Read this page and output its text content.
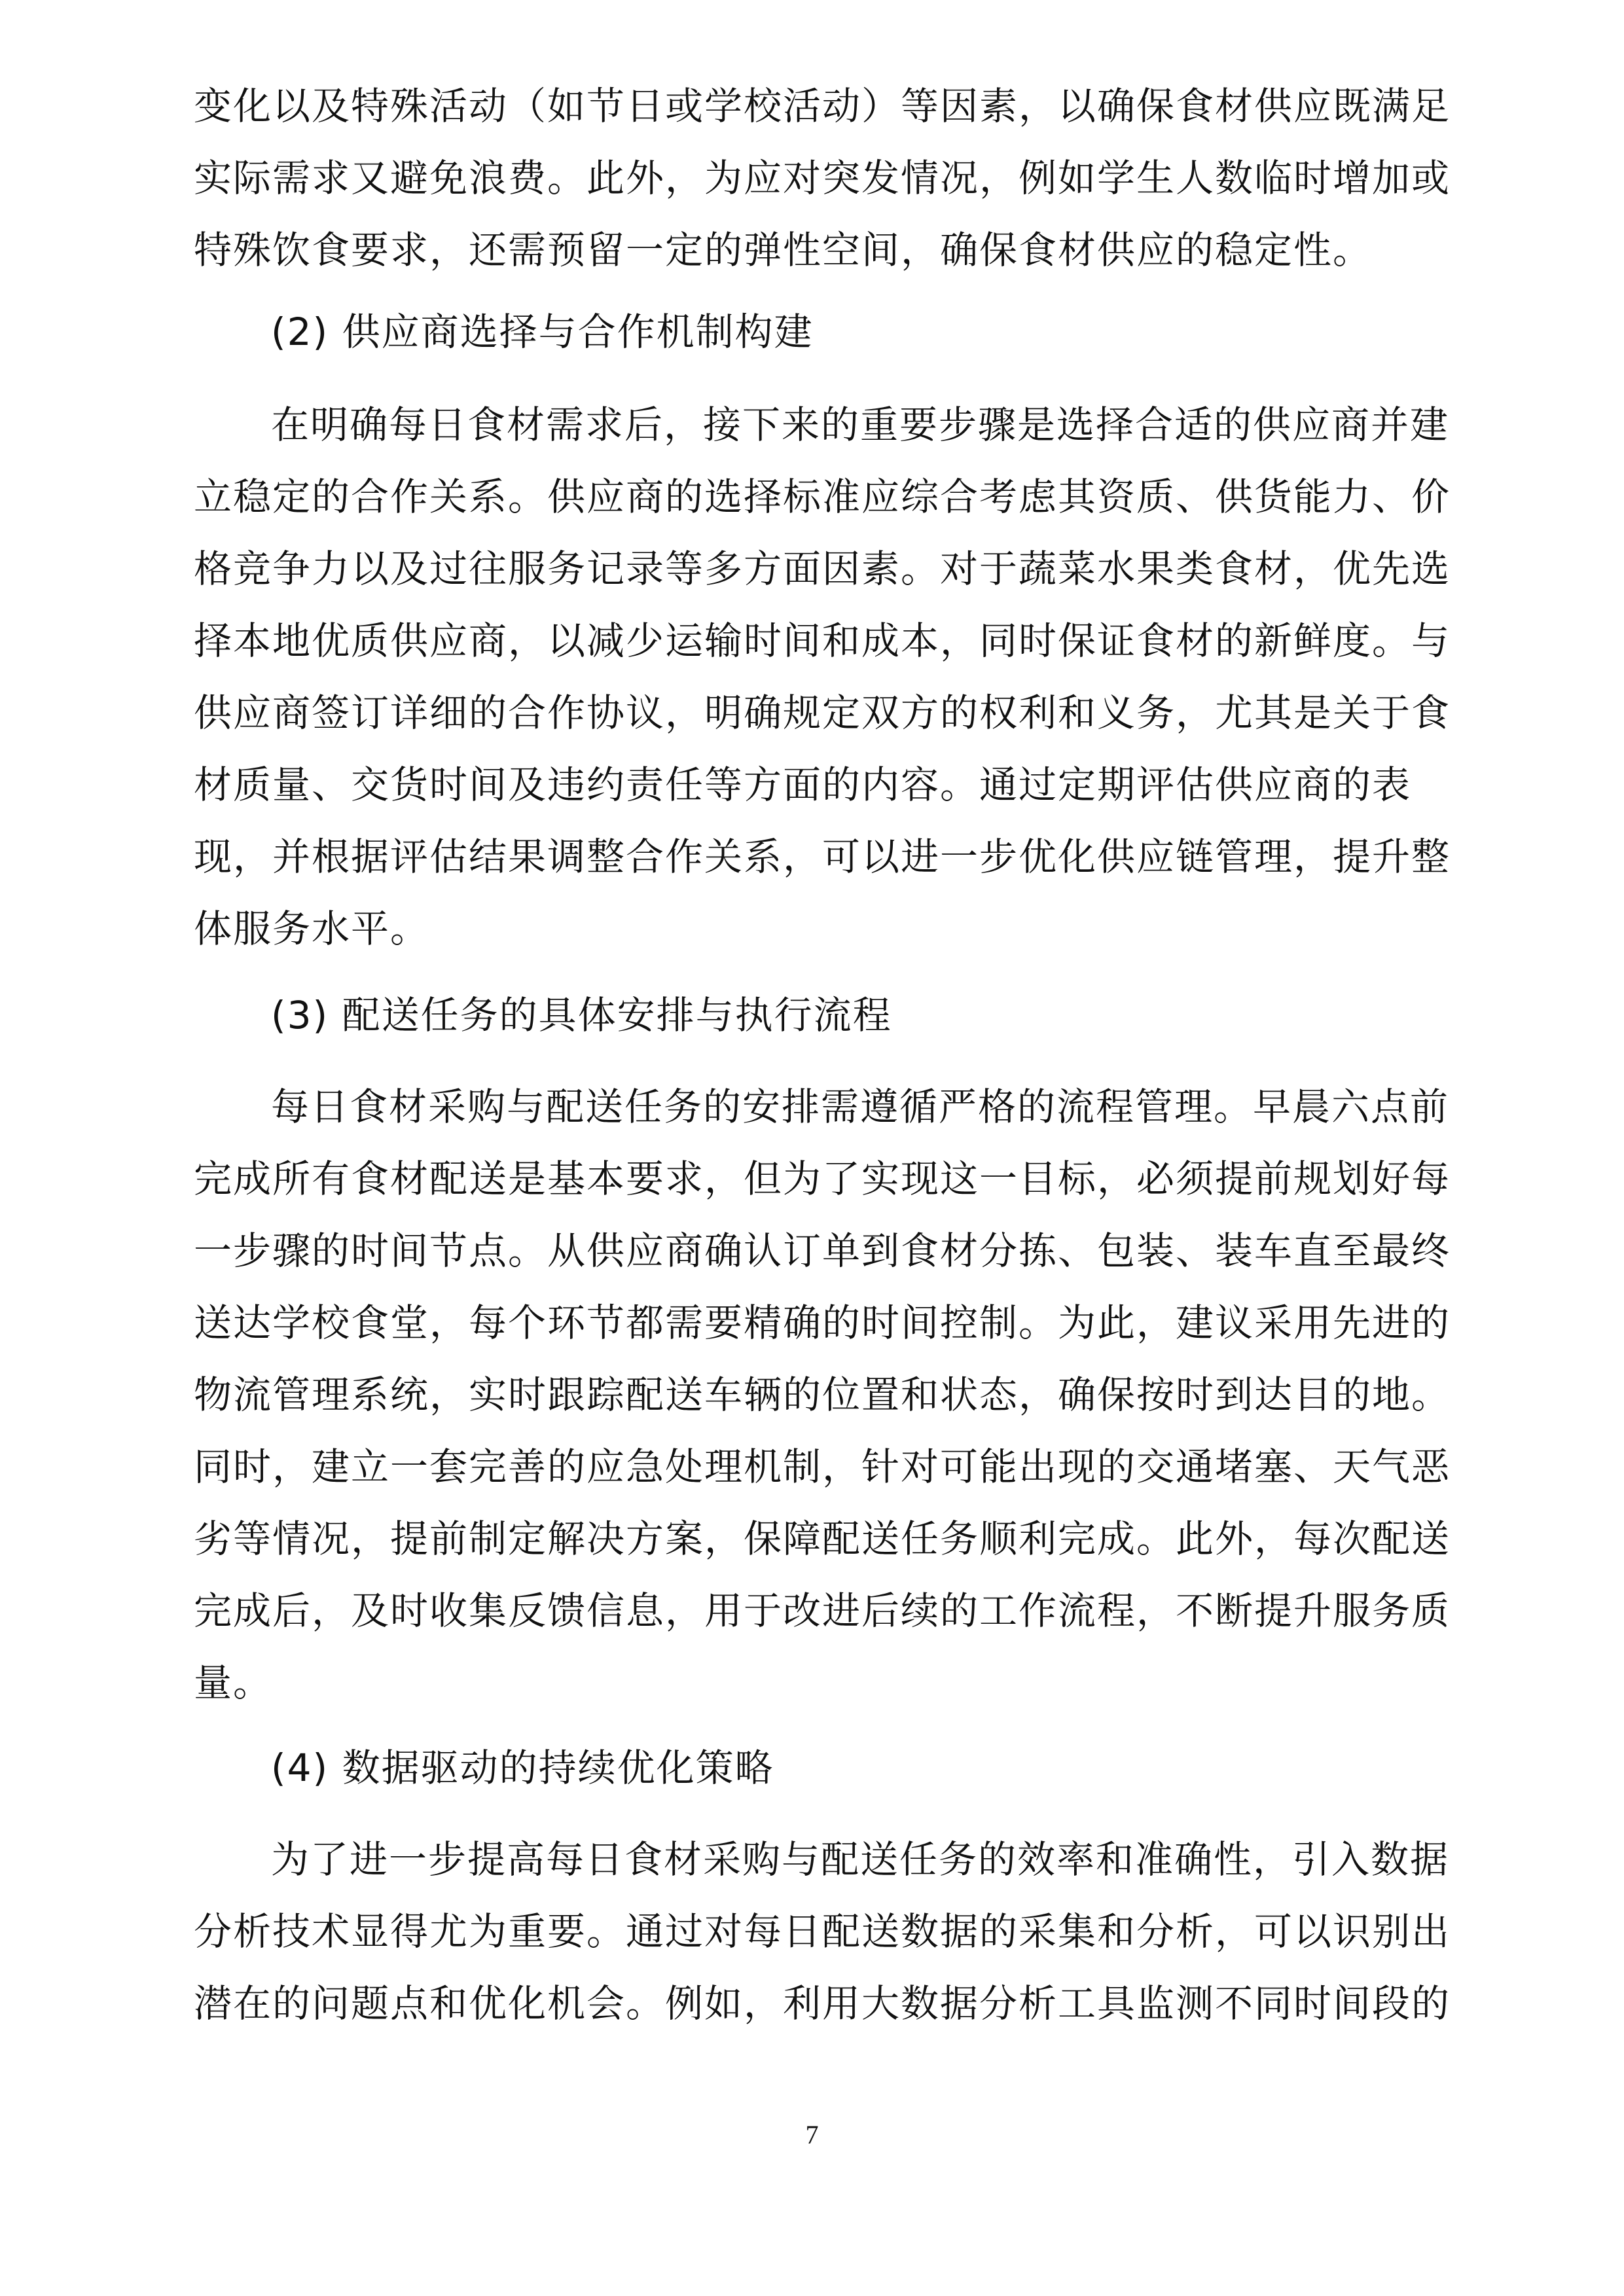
变化以及特殊活动（如节日或学校活动）等因素，以确保食材供应既满足
实际需求又避免浪费。此外，为应对突发情况，例如学生人数临时增加或
特殊饮食要求，还需预留一定的弹性空间，确保食材供应的稳定性。
(2) 供应商选择与合作机制构建
在明确每日食材需求后，接下来的重要步骤是选择合适的供应商并建
立稳定的合作关系。供应商的选择标准应综合考虑其资质、供货能力、价
格竞争力以及过往服务记录等多方面因素。对于蔬菜水果类食材，优先选
择本地优质供应商，以减少运输时间和成本，同时保证食材的新鲜度。与
供应商签订详细的合作协议，明确规定双方的权利和义务，尤其是关于食
材质量、交货时间及违约责任等方面的内容。通过定期评估供应商的表
现，并根据评估结果调整合作关系，可以进一步优化供应链管理，提升整
体服务水平。
(3) 配送任务的具体安排与执行流程
每日食材采购与配送任务的安排需遵循严格的流程管理。早晨六点前
完成所有食材配送是基本要求，但为了实现这一目标，必须提前规划好每
一步骤的时间节点。从供应商确认订单到食材分拣、包装、装车直至最终
送达学校食堂，每个环节都需要精确的时间控制。为此，建议采用先进的
物流管理系统，实时跟踪配送车辆的位置和状态，确保按时到达目的地。
同时，建立一套完善的应急处理机制，针对可能出现的交通堵塞、天气恶
劣等情况，提前制定解决方案，保障配送任务顺利完成。此外，每次配送
完成后，及时收集反馈信息，用于改进后续的工作流程，不断提升服务质
量。
(4) 数据驱动的持续优化策略
为了进一步提高每日食材采购与配送任务的效率和准确性，引入数据
分析技术显得尤为重要。通过对每日配送数据的采集和分析，可以识别出
潜在的问题点和优化机会。例如，利用大数据分析工具监测不同时间段的
7
